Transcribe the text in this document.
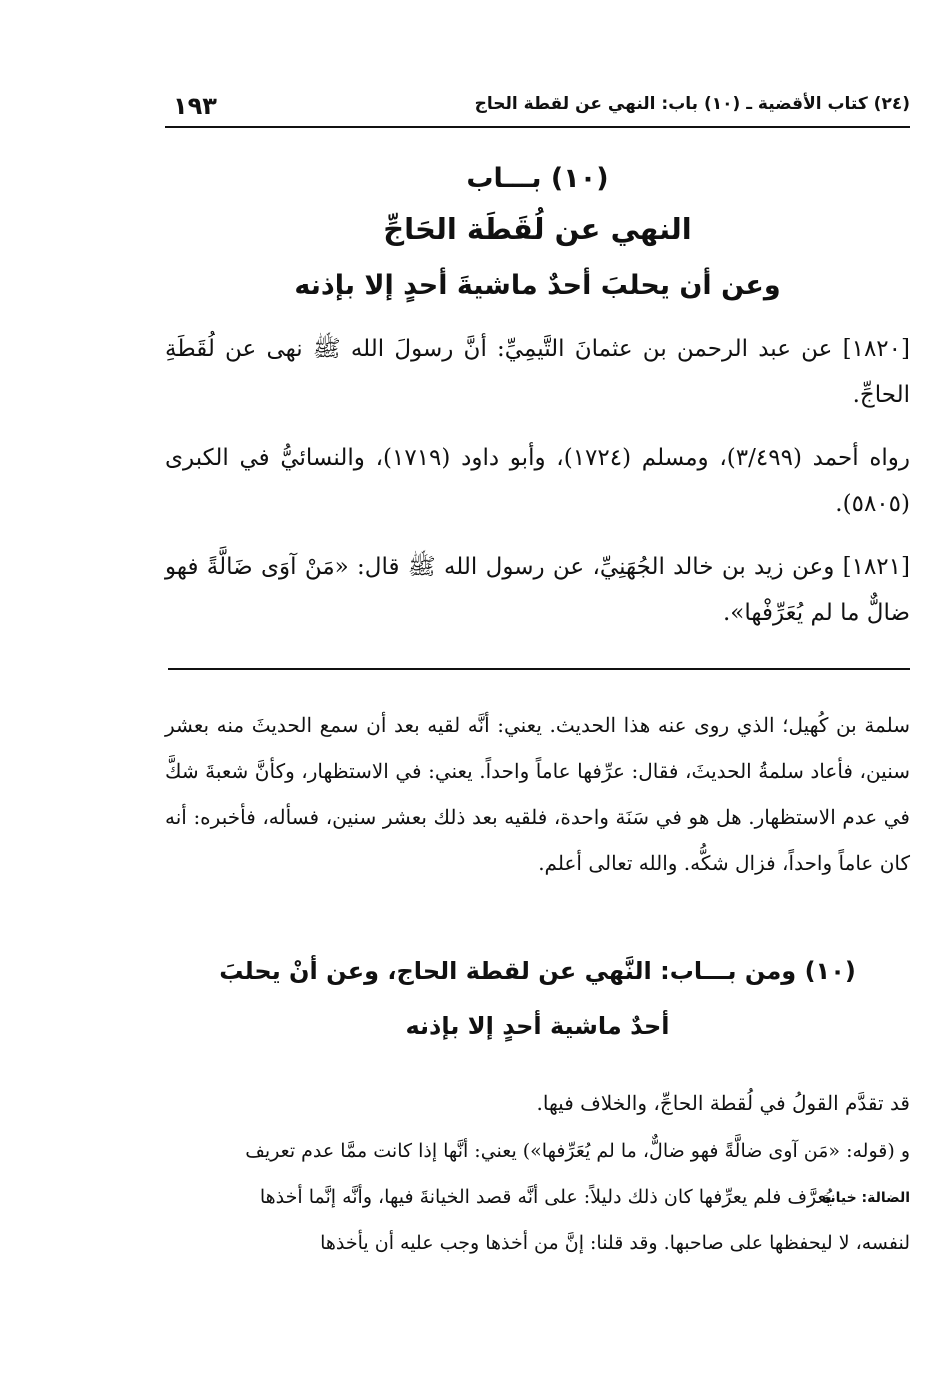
(٢٤) كتاب الأقضية ـ (١٠) باب: النهي عن لقطة الحاج
١٩٣
(١٠) بـــاب
النهي عن لُقَطَة الحَاجِّ
وعن أن يحلبَ أحدٌ ماشيةَ أحدٍ إلا بإذنه
[١٨٢٠] عن عبد الرحمن بن عثمانَ التَّيمِيِّ: أنَّ رسولَ الله ﷺ نهى عن لُقَطَةِ الحاجِّ.
رواه أحمد (٣/٤٩٩)، ومسلم (١٧٢٤)، وأبو داود (١٧١٩)، والنسائيُّ في الكبرى (٥٨٠٥).
[١٨٢١] وعن زيد بن خالد الجُهَنِيِّ، عن رسول الله ﷺ قال: «مَنْ آوَى ضَالَّةً فهو ضالٌّ ما لم يُعَرِّفْها».
سلمة بن كُهيل؛ الذي روى عنه هذا الحديث. يعني: أنَّه لقيه بعد أن سمع الحديثَ منه بعشر سنين، فأعاد سلمةُ الحديثَ، فقال: عرِّفها عاماً واحداً. يعني: في الاستظهار، وكأنَّ شعبةَ شكَّ في عدم الاستظهار. هل هو في سَنَة واحدة، فلقيه بعد ذلك بعشر سنين، فسأله، فأخبره: أنه كان عاماً واحداً، فزال شكُّه. والله تعالى أعلم.
(١٠) ومن بـــاب: النَّهي عن لقطة الحاج، وعن أنْ يحلبَ
أحدٌ ماشية أحدٍ إلا بإذنه
قد تقدَّم القولُ في لُقطة الحاجِّ، والخلاف فيها.
و (قوله: «مَن آوى ضالَّةً فهو ضالٌّ، ما لم يُعَرِّفها») يعني: أنَّها إذا كانت ممَّا عدم تعريف
يُعرَّف فلم يعرِّفها كان ذلك دليلاً: على أنَّه قصد الخيانةَ فيها، وأنَّه إنَّما أخذها
الضالة: خيانة
لنفسه، لا ليحفظها على صاحبها. وقد قلنا: إنَّ من أخذها وجب عليه أن يأخذها
